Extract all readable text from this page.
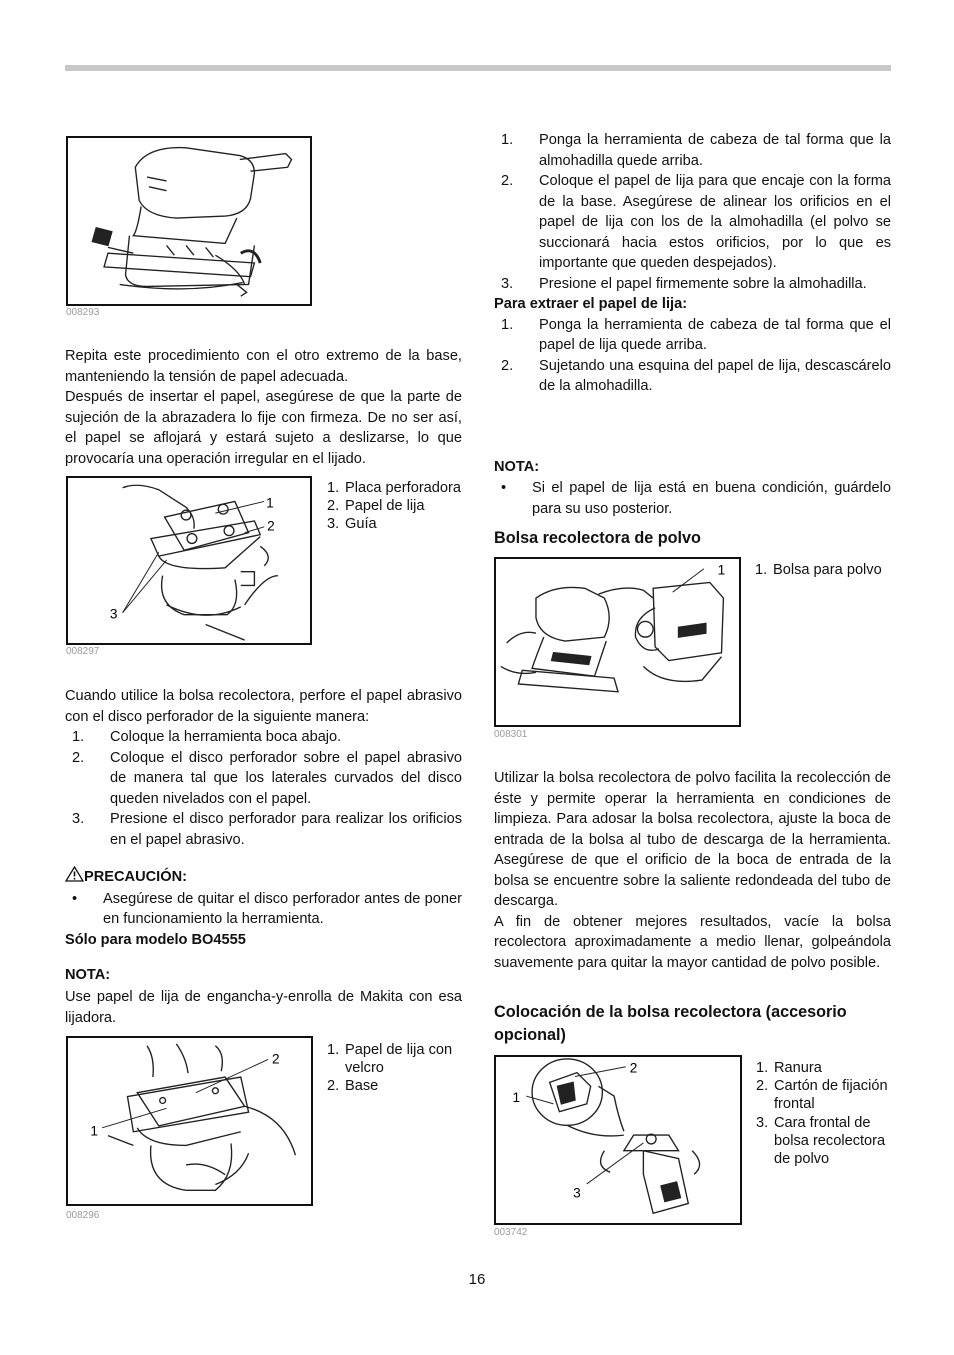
008293

Repita este procedimiento con el otro extremo de la base, manteniendo la tensión de papel adecuada.

Después de insertar el papel, asegúrese de que la parte de sujeción de la abrazadera lo fije con firmeza. De no ser así, el papel se aflojará y estará sujeto a deslizarse, lo que provocaría una operación irregular en el lijado.

1
2
3
008297
1. Placa perforadora
2. Papel de lija
3. Guía
Cuando utilice la bolsa recolectora, perfore el papel abrasivo con el disco perforador de la siguiente manera:
1. Coloque la herramienta boca abajo.
2. Coloque el disco perforador sobre el papel abrasivo de manera tal que los laterales curvados del disco queden nivelados con el papel.
3. Presione el disco perforador para realizar los orificios en el papel abrasivo.
PRECAUCIÓN:
• Asegúrese de quitar el disco perforador antes de poner en funcionamiento la herramienta.
Sólo para modelo BO4555
NOTA:
Use papel de lija de engancha-y-enrolla de Makita con esa lijadora.
2
1
008296
1. Papel de lija con velcro
2. Base
1. Ponga la herramienta de cabeza de tal forma que la almohadilla quede arriba.
2. Coloque el papel de lija para que encaje con la forma de la base. Asegúrese de alinear los orificios en el papel de lija con los de la almohadilla (el polvo se succionará hacia estos orificios, por lo que es importante que queden despejados).
3. Presione el papel firmemente sobre la almohadilla.
Para extraer el papel de lija:
1. Ponga la herramienta de cabeza de tal forma que el papel de lija quede arriba.
2. Sujetando una esquina del papel de lija, descascárelo de la almohadilla.
NOTA:
• Si el papel de lija está en buena condición, guárdelo para su uso posterior.
Bolsa recolectora de polvo
1
008301
1. Bolsa para polvo

Utilizar la bolsa recolectora de polvo facilita la recolección de éste y permite operar la herramienta en condiciones de limpieza. Para adosar la bolsa recolectora, ajuste la boca de entrada de la bolsa al tubo de descarga de la herramienta. Asegúrese de que el orificio de la boca de entrada de la bolsa se encuentre sobre la saliente redondeada del tubo de descarga.

A fin de obtener mejores resultados, vacíe la bolsa recolectora aproximadamente a medio llenar, golpeándola suavemente para quitar la mayor cantidad de polvo posible.

Colocación de la bolsa recolectora (accesorio opcional)
2
1
3
003742
1. Ranura
2. Cartón de fijación frontal
3. Cara frontal de bolsa recolectora de polvo
16
